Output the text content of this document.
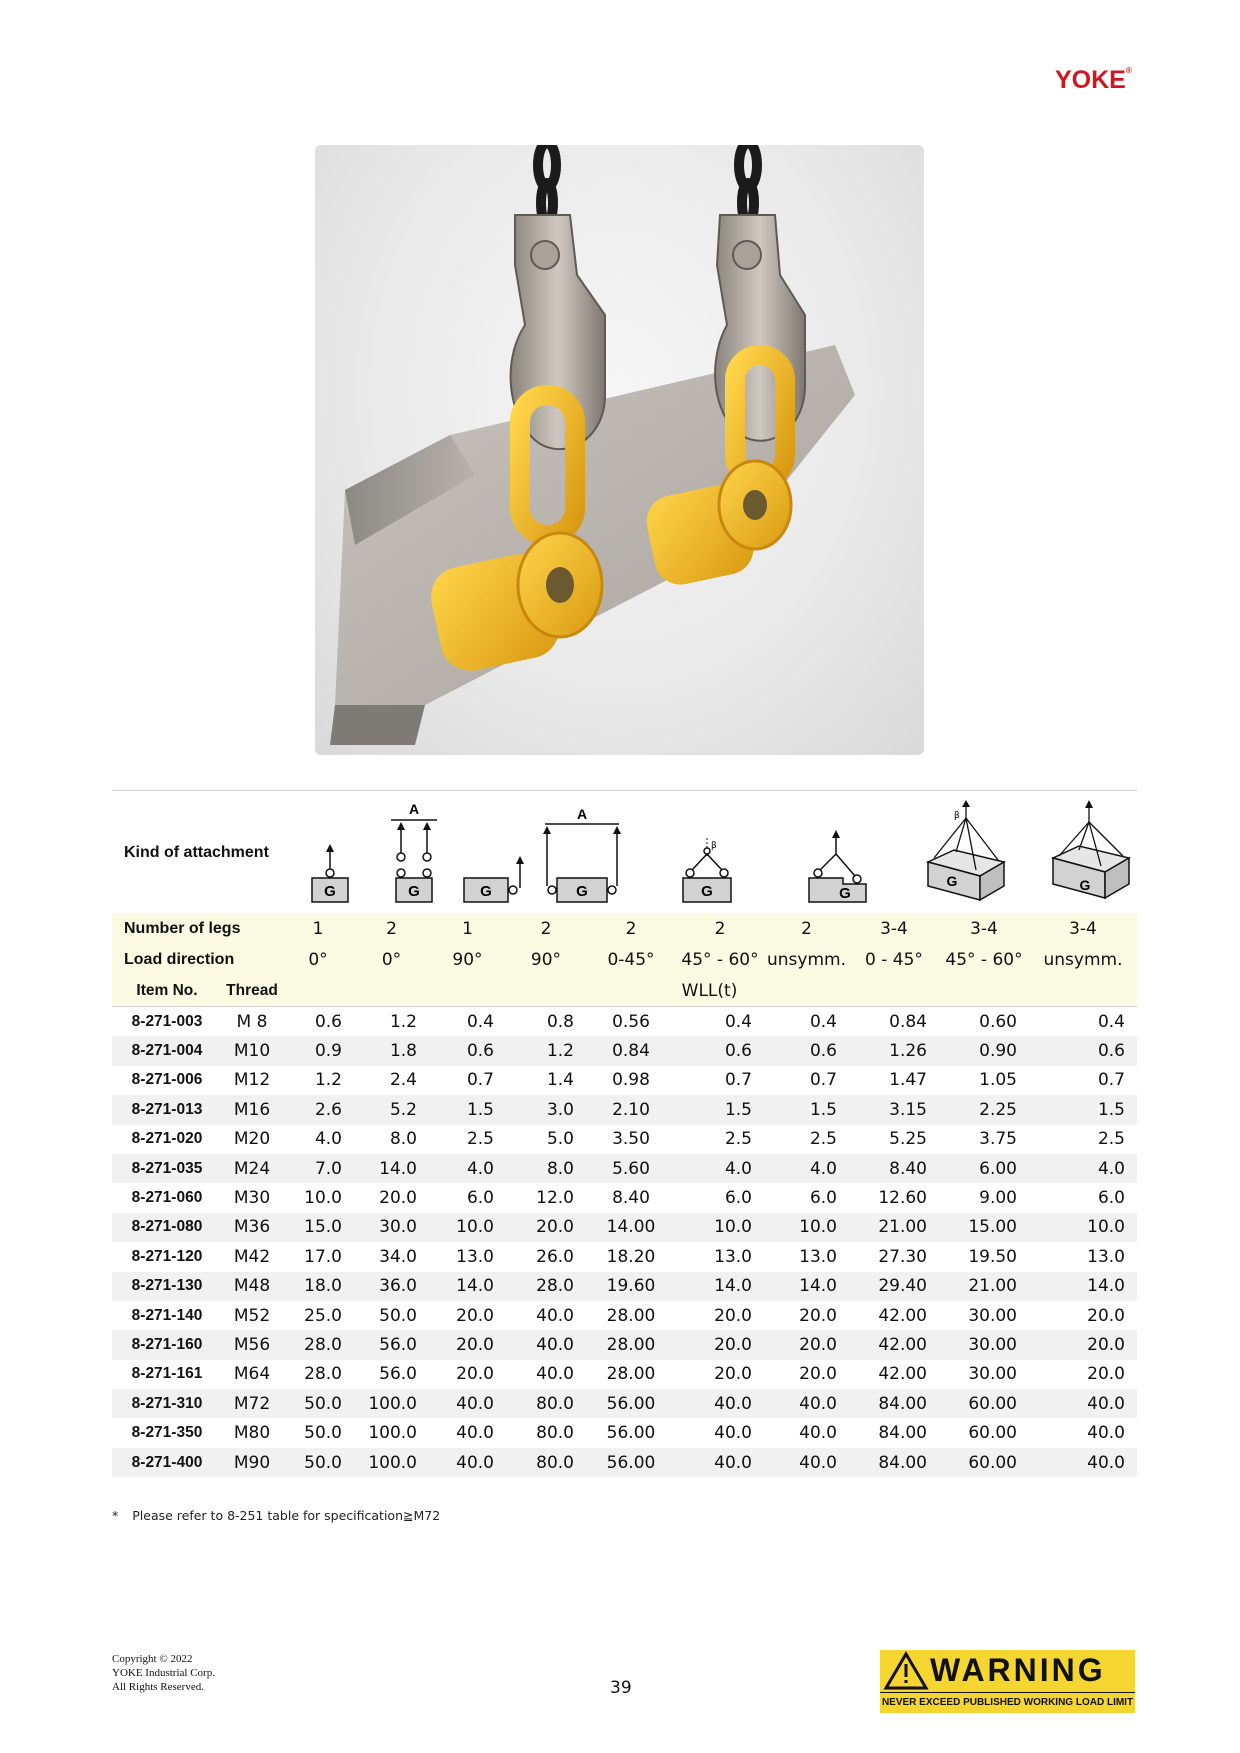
YOKE®
Kind of attachment
G
A
G	G
A
G
β
G	G
β
G	G
Number of legs		1	2	1	2	2	2	2	3-4	3-4	3-4
Load direction		0°	0°	90°	90°	0-45°	45° - 60°	unsymm.	0 - 45°	45° - 60°	unsymm.
Item No.	Thread	WLL(t)									
8-271-003	M 8	0.6	1.2	0.4	0.8	0.56	0.4	0.4	0.84	0.60	0.4
8-271-004	M10	0.9	1.8	0.6	1.2	0.84	0.6	0.6	1.26	0.90	0.6
8-271-006	M12	1.2	2.4	0.7	1.4	0.98	0.7	0.7	1.47	1.05	0.7
8-271-013	M16	2.6	5.2	1.5	3.0	2.10	1.5	1.5	3.15	2.25	1.5
8-271-020	M20	4.0	8.0	2.5	5.0	3.50	2.5	2.5	5.25	3.75	2.5
8-271-035	M24	7.0	14.0	4.0	8.0	5.60	4.0	4.0	8.40	6.00	4.0
8-271-060	M30	10.0	20.0	6.0	12.0	8.40	6.0	6.0	12.60	9.00	6.0
8-271-080	M36	15.0	30.0	10.0	20.0	14.00	10.0	10.0	21.00	15.00	10.0
8-271-120	M42	17.0	34.0	13.0	26.0	18.20	13.0	13.0	27.30	19.50	13.0
8-271-130	M48	18.0	36.0	14.0	28.0	19.60	14.0	14.0	29.40	21.00	14.0
8-271-140	M52	25.0	50.0	20.0	40.0	28.00	20.0	20.0	42.00	30.00	20.0
8-271-160	M56	28.0	56.0	20.0	40.0	28.00	20.0	20.0	42.00	30.00	20.0
8-271-161	M64	28.0	56.0	20.0	40.0	28.00	20.0	20.0	42.00	30.00	20.0
8-271-310	M72	50.0	100.0	40.0	80.0	56.00	40.0	40.0	84.00	60.00	40.0
8-271-350	M80	50.0	100.0	40.0	80.0	56.00	40.0	40.0	84.00	60.00	40.0
8-271-400	M90	50.0	100.0	40.0	80.0	56.00	40.0	40.0	84.00	60.00	40.0
* Please refer to 8-251 table for specification≧M72
Copyright © 2022
YOKE Industrial Corp.
All Rights Reserved.	39	WARNING
NEVER EXCEED PUBLISHED WORKING LOAD LIMIT
